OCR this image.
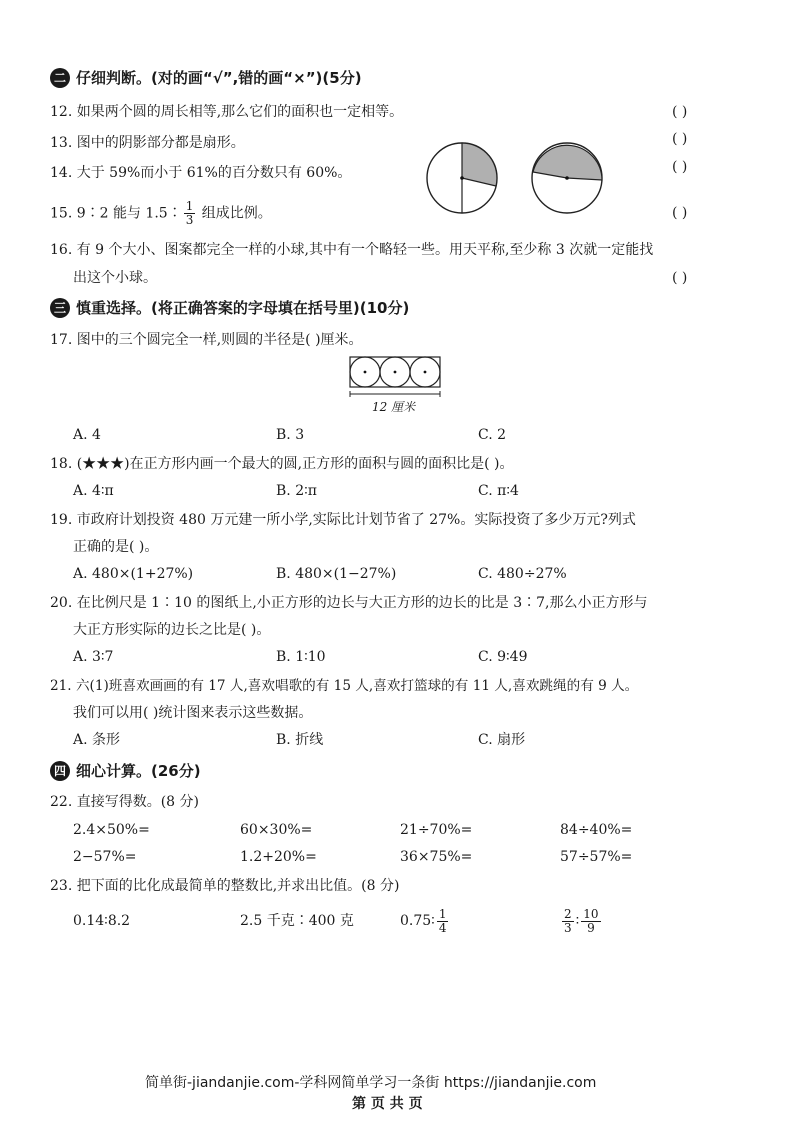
二 仔细判断。(对的画“√”,错的画“×”)(5分)
12. 如果两个圆的周长相等,那么它们的面积也一定相等。	( )
13. 图中的阴影部分都是扇形。	( )
14. 大于 59%而小于 61%的百分数只有 60%。	( )
15. 9∶2 能与 1.5∶ $\frac{1}{3}$ 组成比例。	( )
16. 有 9 个大小、图案都完全一样的小球,其中有一个略轻一些。用天平称,至少称 3 次就一定能找
出这个小球。	( )
三 慎重选择。(将正确答案的字母填在括号里)(10分)
17. 图中的三个圆完全一样,则圆的半径是( )厘米。
12 厘米
A. 4	B. 3	C. 2
18. (★★★)在正方形内画一个最大的圆,正方形的面积与圆的面积比是( )。
A. 4∶π	B. 2∶π	C. π∶4
19. 市政府计划投资 480 万元建一所小学,实际比计划节省了 27%。实际投资了多少万元?列式
正确的是( )。
A. 480×(1+27%)	B. 480×(1−27%)	C. 480÷27%
20. 在比例尺是 1∶10 的图纸上,小正方形的边长与大正方形的边长的比是 3∶7,那么小正方形与
大正方形实际的边长之比是( )。
A. 3∶7	B. 1∶10	C. 9∶49
21. 六(1)班喜欢画画的有 17 人,喜欢唱歌的有 15 人,喜欢打篮球的有 11 人,喜欢跳绳的有 9 人。
我们可以用( )统计图来表示这些数据。
A. 条形	B. 折线	C. 扇形
四 细心计算。(26分)
22. 直接写得数。(8 分)
2.4×50%=	60×30%=	21÷70%=	84÷40%=
2−57%=	1.2+20%=	36×75%=	57÷57%=
23. 把下面的比化成最简单的整数比,并求出比值。(8 分)
0.14∶8.2	2.5 千克∶400 克	0.75∶ $\frac{1}{4}$	$\frac{2}{3}$ ∶ $\frac{10}{9}$
简单街-jiandanjie.com-学科网简单学习一条街 https://jiandanjie.com
第 页 共 页
